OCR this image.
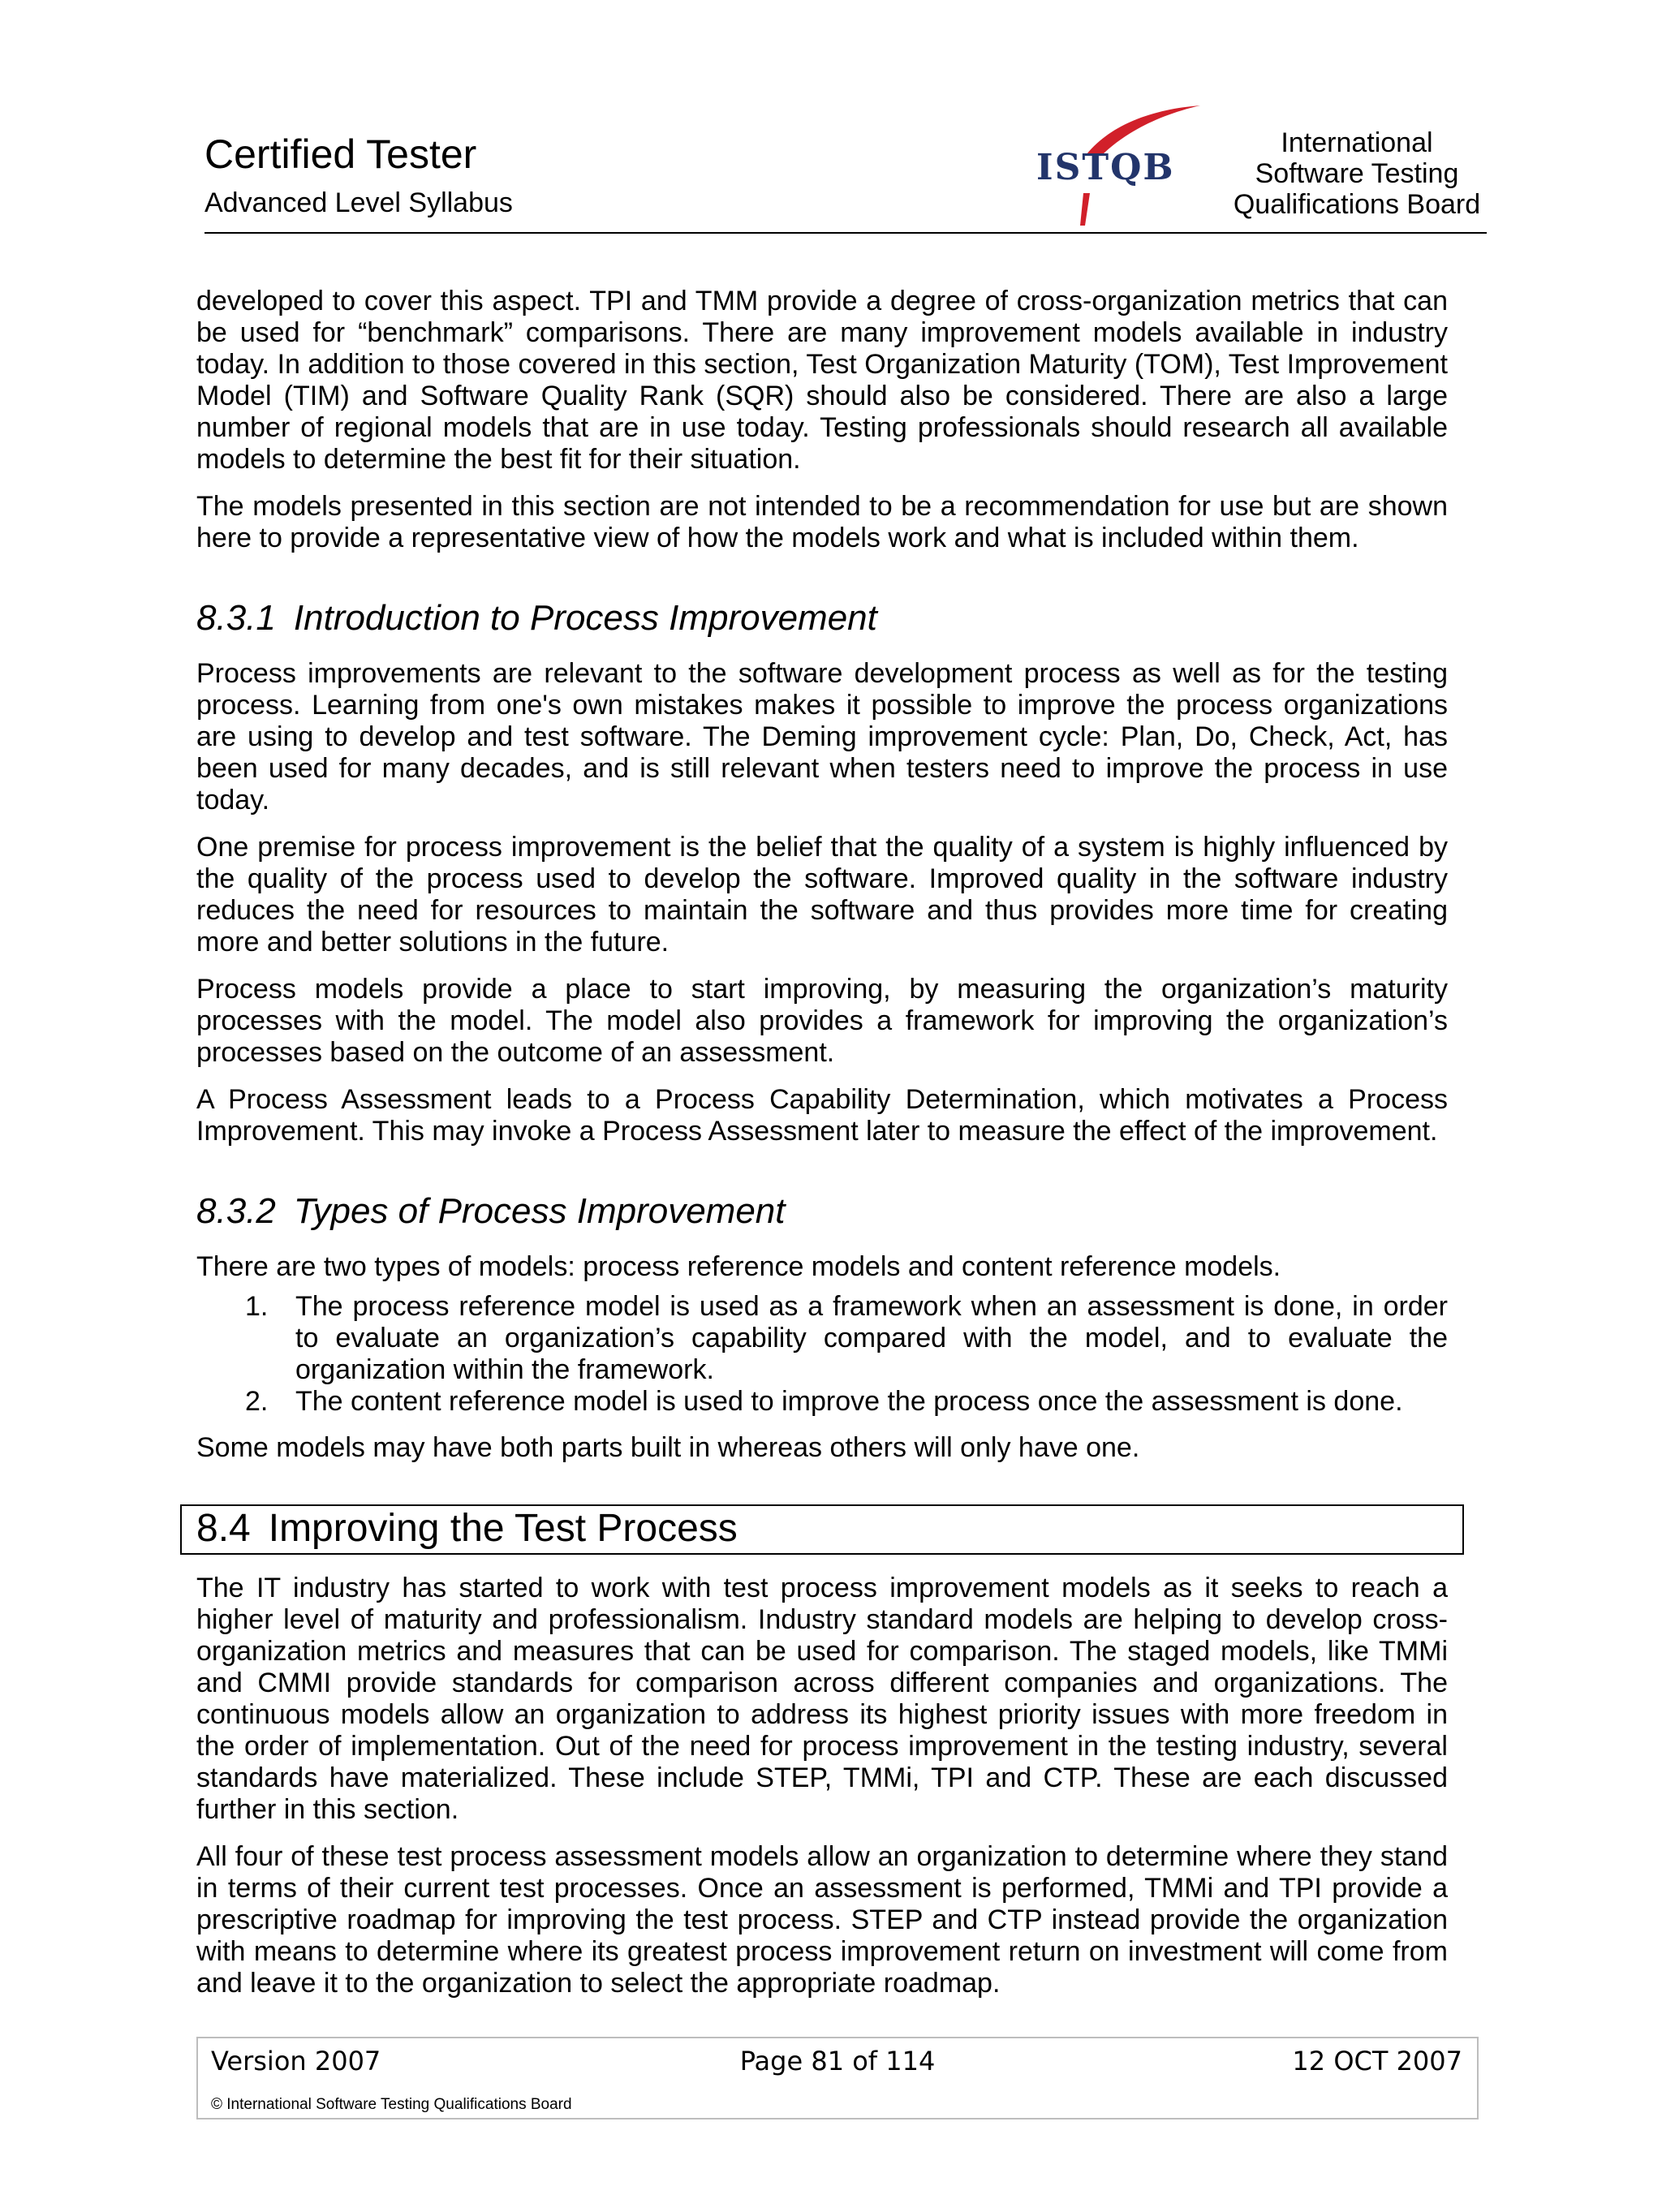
Certified Tester
Advanced Level Syllabus
ISTQB
International
Software Testing
Qualifications Board

developed to cover this aspect. TPI and TMM provide a degree of cross-organization metrics that can be used for “benchmark” comparisons. There are many improvement models available in industry today. In addition to those covered in this section, Test Organization Maturity (TOM), Test Improvement Model (TIM) and Software Quality Rank (SQR) should also be considered. There are also a large number of regional models that are in use today. Testing professionals should research all available models to determine the best fit for their situation.

The models presented in this section are not intended to be a recommendation for use but are shown here to provide a representative view of how the models work and what is included within them.

8.3.1 Introduction to Process Improvement

Process improvements are relevant to the software development process as well as for the testing process. Learning from one's own mistakes makes it possible to improve the process organizations are using to develop and test software. The Deming improvement cycle: Plan, Do, Check, Act, has been used for many decades, and is still relevant when testers need to improve the process in use today.

One premise for process improvement is the belief that the quality of a system is highly influenced by the quality of the process used to develop the software. Improved quality in the software industry reduces the need for resources to maintain the software and thus provides more time for creating more and better solutions in the future.

Process models provide a place to start improving, by measuring the organization’s maturity processes with the model. The model also provides a framework for improving the organization’s processes based on the outcome of an assessment.

A Process Assessment leads to a Process Capability Determination, which motivates a Process Improvement. This may invoke a Process Assessment later to measure the effect of the improvement.

8.3.2 Types of Process Improvement

There are two types of models: process reference models and content reference models.

1. The process reference model is used as a framework when an assessment is done, in order to evaluate an organization’s capability compared with the model, and to evaluate the organization within the framework.
2. The content reference model is used to improve the process once the assessment is done.

Some models may have both parts built in whereas others will only have one.

8.4 Improving the Test Process

The IT industry has started to work with test process improvement models as it seeks to reach a higher level of maturity and professionalism. Industry standard models are helping to develop cross-organization metrics and measures that can be used for comparison. The staged models, like TMMi and CMMI provide standards for comparison across different companies and organizations. The continuous models allow an organization to address its highest priority issues with more freedom in the order of implementation. Out of the need for process improvement in the testing industry, several standards have materialized. These include STEP, TMMi, TPI and CTP. These are each discussed further in this section.

All four of these test process assessment models allow an organization to determine where they stand in terms of their current test processes. Once an assessment is performed, TMMi and TPI provide a prescriptive roadmap for improving the test process. STEP and CTP instead provide the organization with means to determine where its greatest process improvement return on investment will come from and leave it to the organization to select the appropriate roadmap.

Page 81 of 114
Version 2007	12 OCT 2007
© International Software Testing Qualifications Board
